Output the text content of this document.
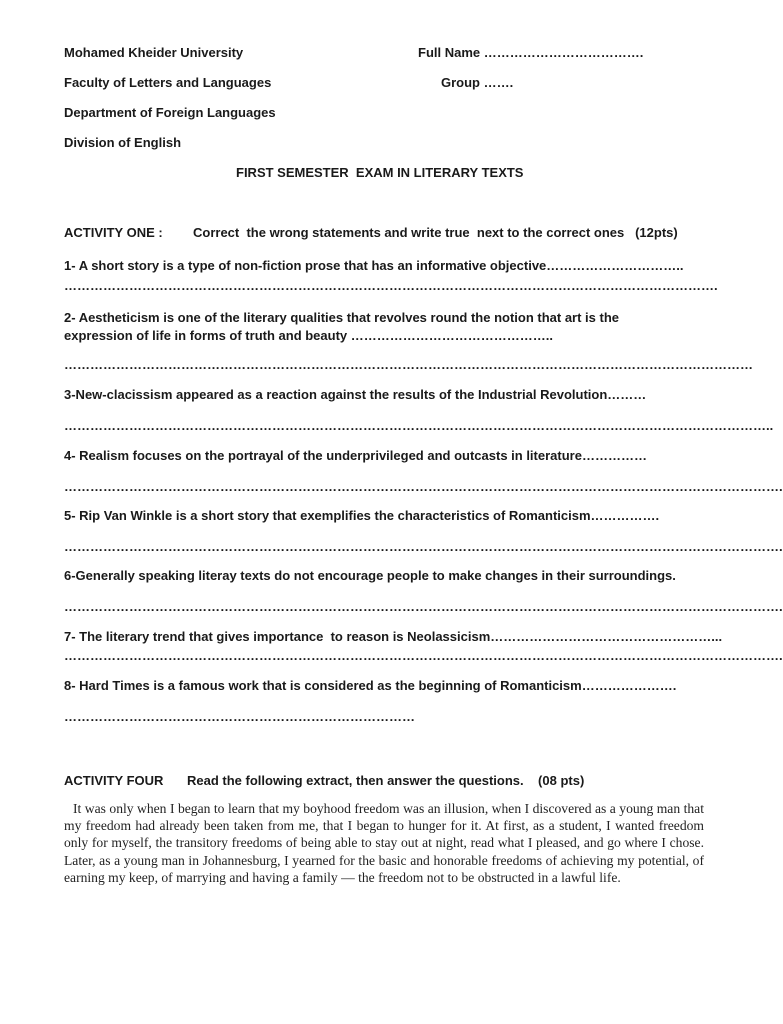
Mohamed Kheider University	Full Name ……………………………….
Faculty of Letters and Languages	Group …….
Department of Foreign Languages
Division of English
FIRST SEMESTER  EXAM IN LITERARY TEXTS
ACTIVITY ONE : Correct  the wrong statements and write true  next to the correct ones   (12pts)
1- A short story is a type of non-fiction prose that has an informative objective…………………………..
…………………………………………………………………………………………………………………………………….
2- Aestheticism is one of the literary qualities that revolves round the notion that art is the
expression of life in forms of truth and beauty ………………………………………..
……………………………………………………………………………………………………………………………………………
3-New-clacissism appeared as a reaction against the results of the Industrial Revolution………
………………………………………………………………………………………………………………………………………………..
4- Realism focuses on the portrayal of the underprivileged and outcasts in literature……………
………………………………………………………………………………………………………………………………………………….
5- Rip Van Winkle is a short story that exemplifies the characteristics of Romanticism…………….
………………………………………………………………………………………………………………………………………………….
6-Generally speaking literay texts do not encourage people to make changes in their surroundings.
………………………………………………………………………………………………………………………………………………….
7- The literary trend that gives importance  to reason is Neolassicism……………………………………………...
………………………………………………………………………………………………………………………………………………….
8- Hard Times is a famous work that is considered as the beginning of Romanticism………………….
………………………………………………………………………
ACTIVITY FOUR Read the following extract, then answer the questions.    (08 pts)
It was only when I began to learn that my boyhood freedom was an illusion, when I discovered as a young man that my freedom had already been taken from me, that I began to hunger for it. At first, as a student, I wanted freedom only for myself, the transitory freedoms of being able to stay out at night, read what I pleased, and go where I chose. Later, as a young man in Johannesburg, I yearned for the basic and honorable freedoms of achieving my potential, of earning my keep, of marrying and having a family — the freedom not to be obstructed in a lawful life.
